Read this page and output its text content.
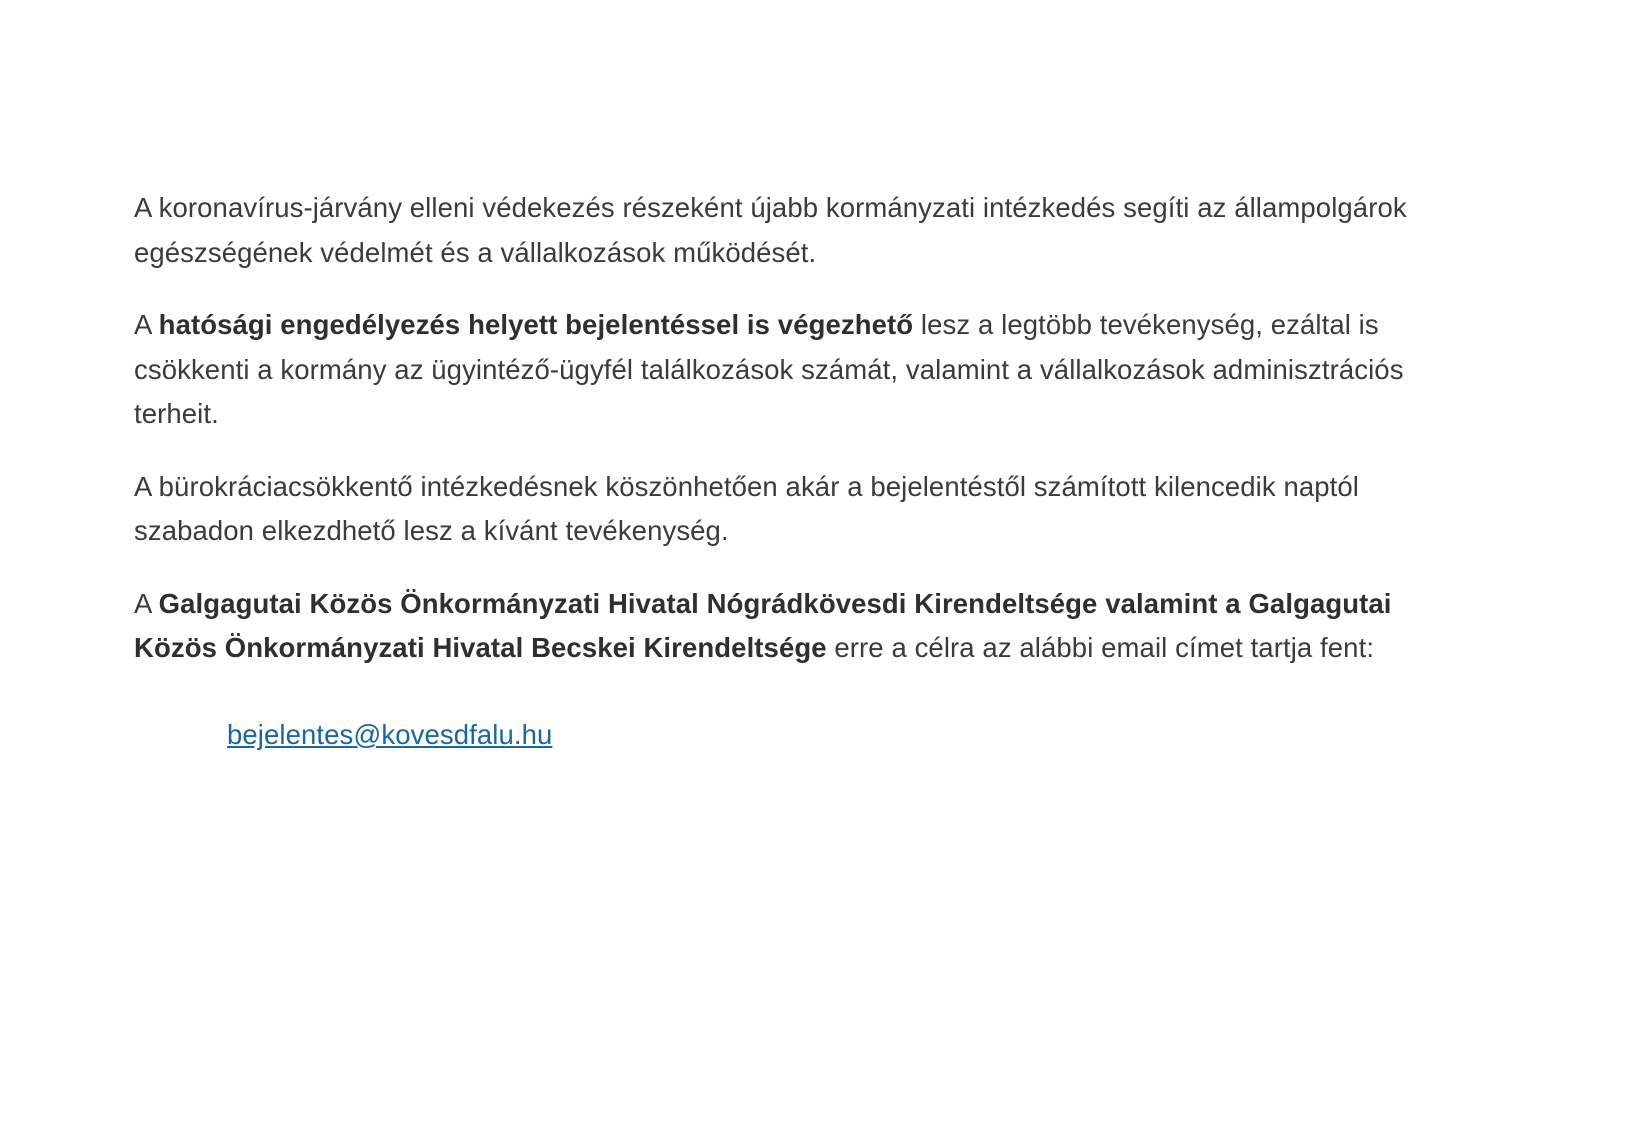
A koronavírus-járvány elleni védekezés részeként újabb kormányzati intézkedés segíti az állampolgárok egészségének védelmét és a vállalkozások működését.

A hatósági engedélyezés helyett bejelentéssel is végezhető lesz a legtöbb tevékenység, ezáltal is csökkenti a kormány az ügyintéző-ügyfél találkozások számát, valamint a vállalkozások adminisztrációs terheit.

A bürokráciacsökkentő intézkedésnek köszönhetően akár a bejelentéstől számított kilencedik naptól szabadon elkezdhető lesz a kívánt tevékenység.

A Galgagutai Közös Önkormányzati Hivatal Nógrádkövesdi Kirendeltsége valamint a Galgagutai Közös Önkormányzati Hivatal Becskei Kirendeltsége erre a célra az alábbi email címet tartja fent:

bejelentes@kovesdfalu.hu
